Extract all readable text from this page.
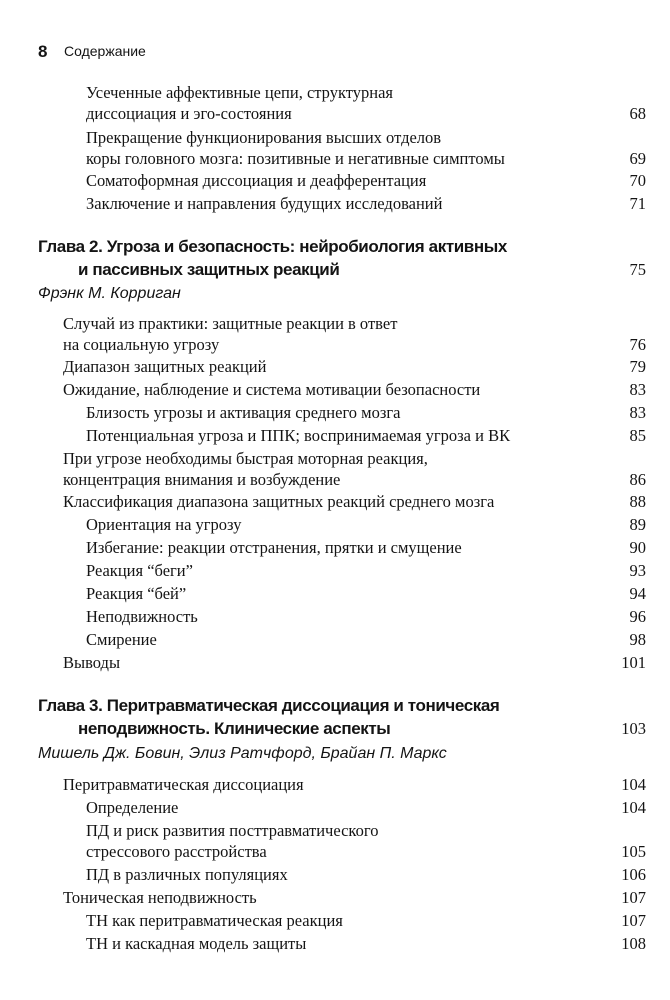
8 Содержание
Усеченные аффективные цепи, структурная
диссоциация и эго-состояния	68
Прекращение функционирования высших отделов
коры головного мозга: позитивные и негативные симптомы	69
Соматоформная диссоциация и деафферентация	70
Заключение и направления будущих исследований	71
Глава 2. Угроза и безопасность: нейробиология активных
и пассивных защитных реакций	75
Фрэнк М. Корриган
Случай из практики: защитные реакции в ответ
на социальную угрозу	76
Диапазон защитных реакций	79
Ожидание, наблюдение и система мотивации безопасности	83
Близость угрозы и активация среднего мозга	83
Потенциальная угроза и ППК; воспринимаемая угроза и ВК	85
При угрозе необходимы быстрая моторная реакция,
концентрация внимания и возбуждение	86
Классификация диапазона защитных реакций среднего мозга	88
Ориентация на угрозу	89
Избегание: реакции отстранения, прятки и смущение	90
Реакция “беги”	93
Реакция “бей”	94
Неподвижность	96
Смирение	98
Выводы	101
Глава 3. Перитравматическая диссоциация и тоническая
неподвижность. Клинические аспекты	103
Мишель Дж. Бовин, Элиз Ратчфорд, Брайан П. Маркс
Перитравматическая диссоциация	104
Определение	104
ПД и риск развития посттравматического
стрессового расстройства	105
ПД в различных популяциях	106
Тоническая неподвижность	107
ТН как перитравматическая реакция	107
ТН и каскадная модель защиты	108
